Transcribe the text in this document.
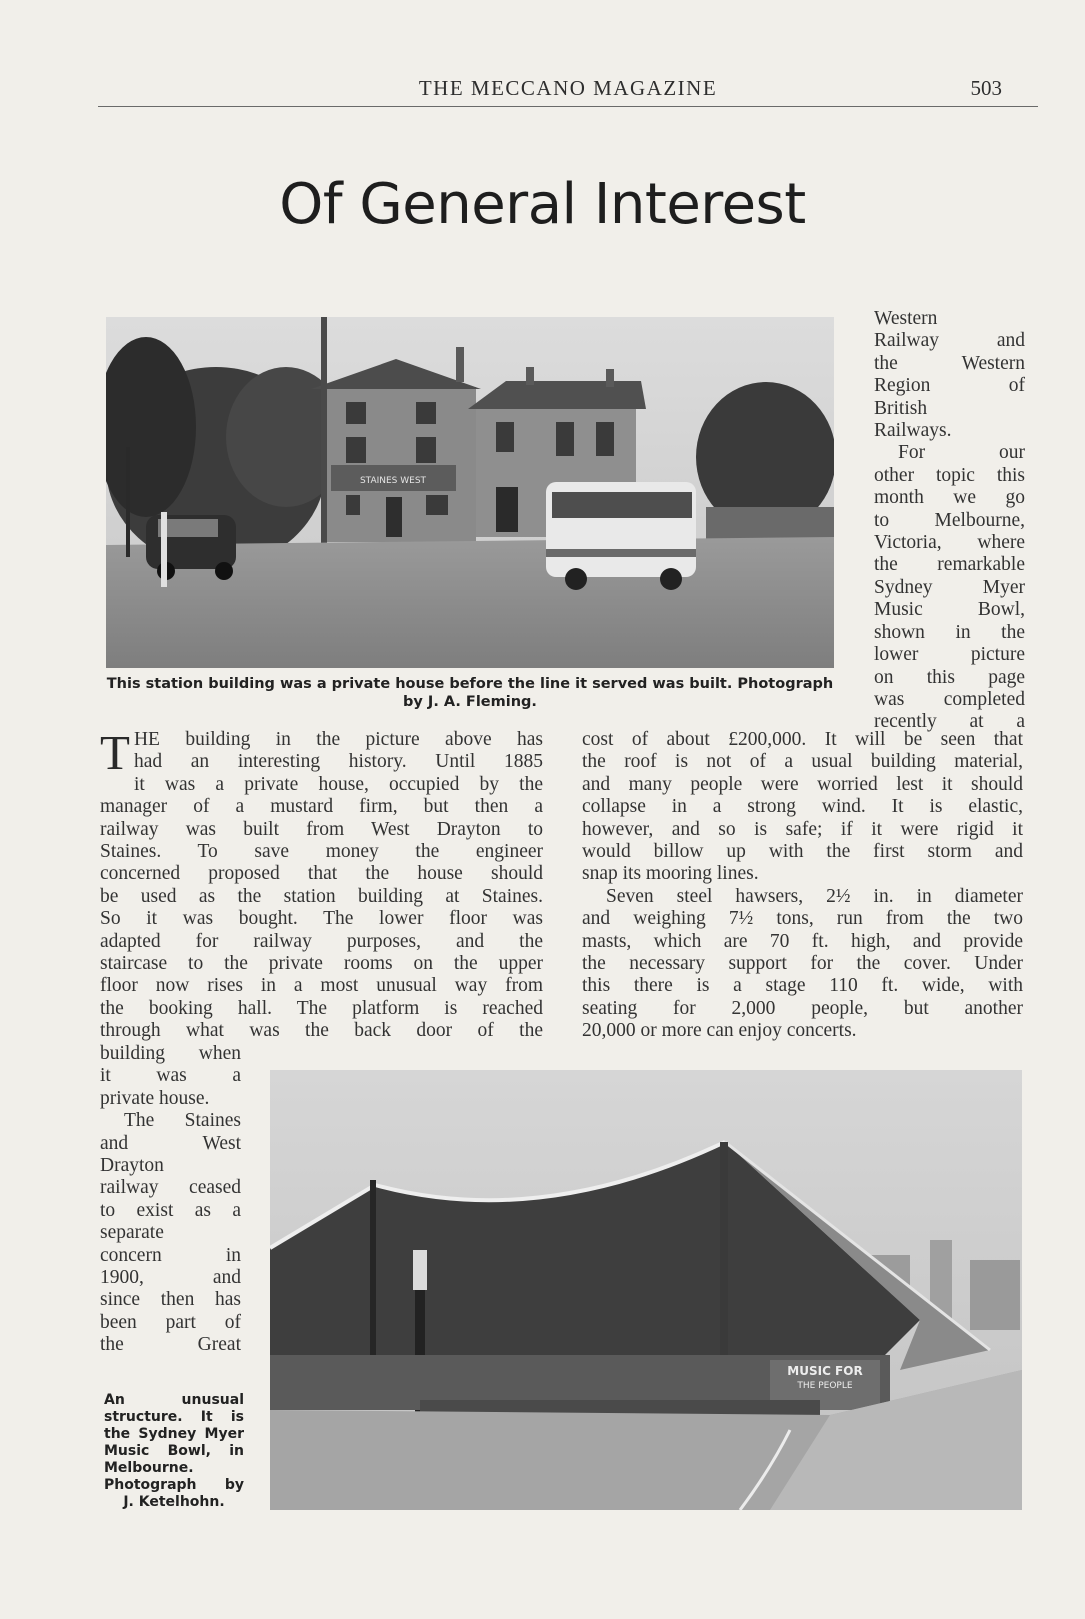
THE MECCANO MAGAZINE	503
Of General Interest
STAINES WEST
This station building was a private house before the line it served was built. Photograph
by J. A. Fleming.
Western
Railway and
the Western
Region of
British
Railways.
For our
other topic this
month we go
to Melbourne,
Victoria, where
the remarkable
Sydney Myer
Music Bowl,
shown in the
lower picture
on this page
was completed
recently at a
T HE building in the picture above has
had an interesting history. Until 1885
it was a private house, occupied by the
manager of a mustard firm, but then a
railway was built from West Drayton to
Staines. To save money the engineer
concerned proposed that the house should
be used as the station building at Staines.
So it was bought. The lower floor was
adapted for railway purposes, and the
staircase to the private rooms on the upper
floor now rises in a most unusual way from
the booking hall. The platform is reached
through what was the back door of the
building when
it was a
private house.
The Staines
and West
Drayton
railway ceased
to exist as a
separate
concern in
1900, and
since then has
been part of
the Great
cost of about £200,000. It will be seen that
the roof is not of a usual building material,
and many people were worried lest it should
collapse in a strong wind. It is elastic,
however, and so is safe; if it were rigid it
would billow up with the first storm and
snap its mooring lines.
Seven steel hawsers, 2½ in. in diameter
and weighing 7½ tons, run from the two
masts, which are 70 ft. high, and provide
the necessary support for the cover. Under
this there is a stage 110 ft. wide, with
seating for 2,000 people, but another
20,000 or more can enjoy concerts.
MUSIC FOR
THE PEOPLE
An unusual
structure. It is
the Sydney Myer
Music Bowl, in
Melbourne.
Photograph by
J. Ketelhohn.
